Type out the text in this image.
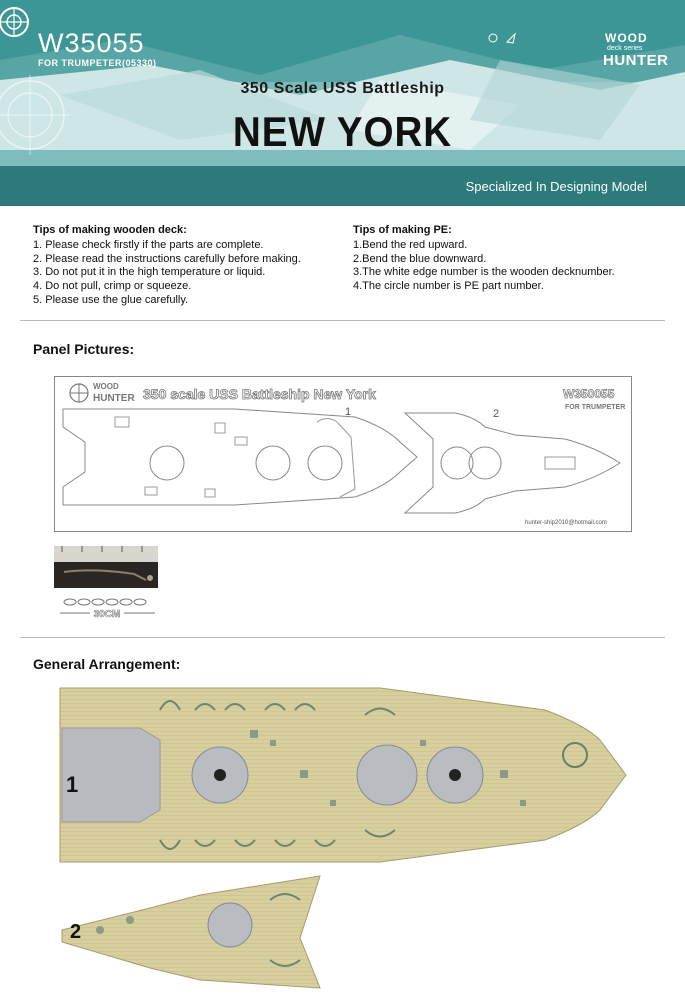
W35055
FOR TRUMPETER(05330)
WOOD
deck series
HUNTER
350 Scale USS Battleship
NEW YORK
Specialized In Designing Model
Tips of making wooden deck:
1. Please check firstly if the parts are complete.
2. Please read the instructions carefully before making.
3. Do not put it in the high temperature or liquid.
4. Do not pull, crimp or squeeze.
5. Please use the glue carefully.
Tips of making PE:
1.Bend the red upward.
2.Bend the blue downward.
3.The white edge number is the wooden decknumber.
4.The circle number is PE part number.
Panel Pictures:
WOOD
HUNTER 350 scale USS Battleship New York	W350055
FOR TRUMPETER
1	2
hunter-ship2010@hotmail.com
30CM
General Arrangement:
1
2
